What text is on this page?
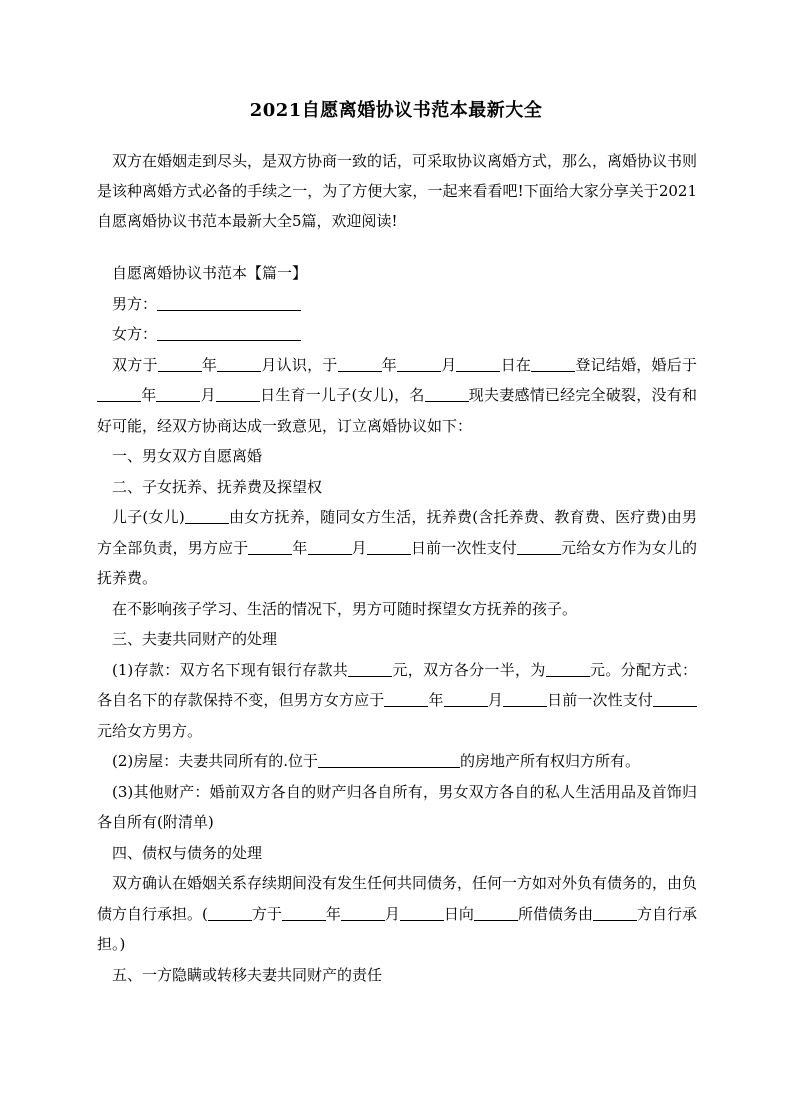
2021自愿离婚协议书范本最新大全
双方在婚姻走到尽头，是双方协商一致的话，可采取协议离婚方式，那么，离婚协议书则是该种离婚方式必备的手续之一，为了方便大家，一起来看看吧!下面给大家分享关于2021自愿离婚协议书范本最新大全5篇，欢迎阅读!

自愿离婚协议书范本【篇一】

男方：

女方：

双方于	年	月认识，于	年	月	日在	登记结婚，婚后于年	月	日生育一儿子(女儿)，名	现夫妻感情已经完全破裂，没有和好可能，经双方协商达成一致意见，订立离婚协议如下：

一、男女双方自愿离婚

二、子女抚养、抚养费及探望权

儿子(女儿)	由女方抚养，随同女方生活，抚养费(含托养费、教育费、医疗费)由男方全部负责，男方应于	年	月	日前一次性支付	元给女方作为女儿的抚养费。

在不影响孩子学习、生活的情况下，男方可随时探望女方抚养的孩子。

三、夫妻共同财产的处理

(1)存款：双方名下现有银行存款共	元，双方各分一半，为	元。分配方式：各自名下的存款保持不变，但男方女方应于	年	月	日前一次性支付元给女方男方。

(2)房屋：夫妻共同所有的.位于	的房地产所有权归方所有。

(3)其他财产：婚前双方各自的财产归各自所有，男女双方各自的私人生活用品及首饰归各自所有(附清单)

四、债权与债务的处理

双方确认在婚姻关系存续期间没有发生任何共同债务，任何一方如对外负有债务的，由负债方自行承担。(	方于	年	月	日向	所借债务由	方自行承担。)

五、一方隐瞒或转移夫妻共同财产的责任
